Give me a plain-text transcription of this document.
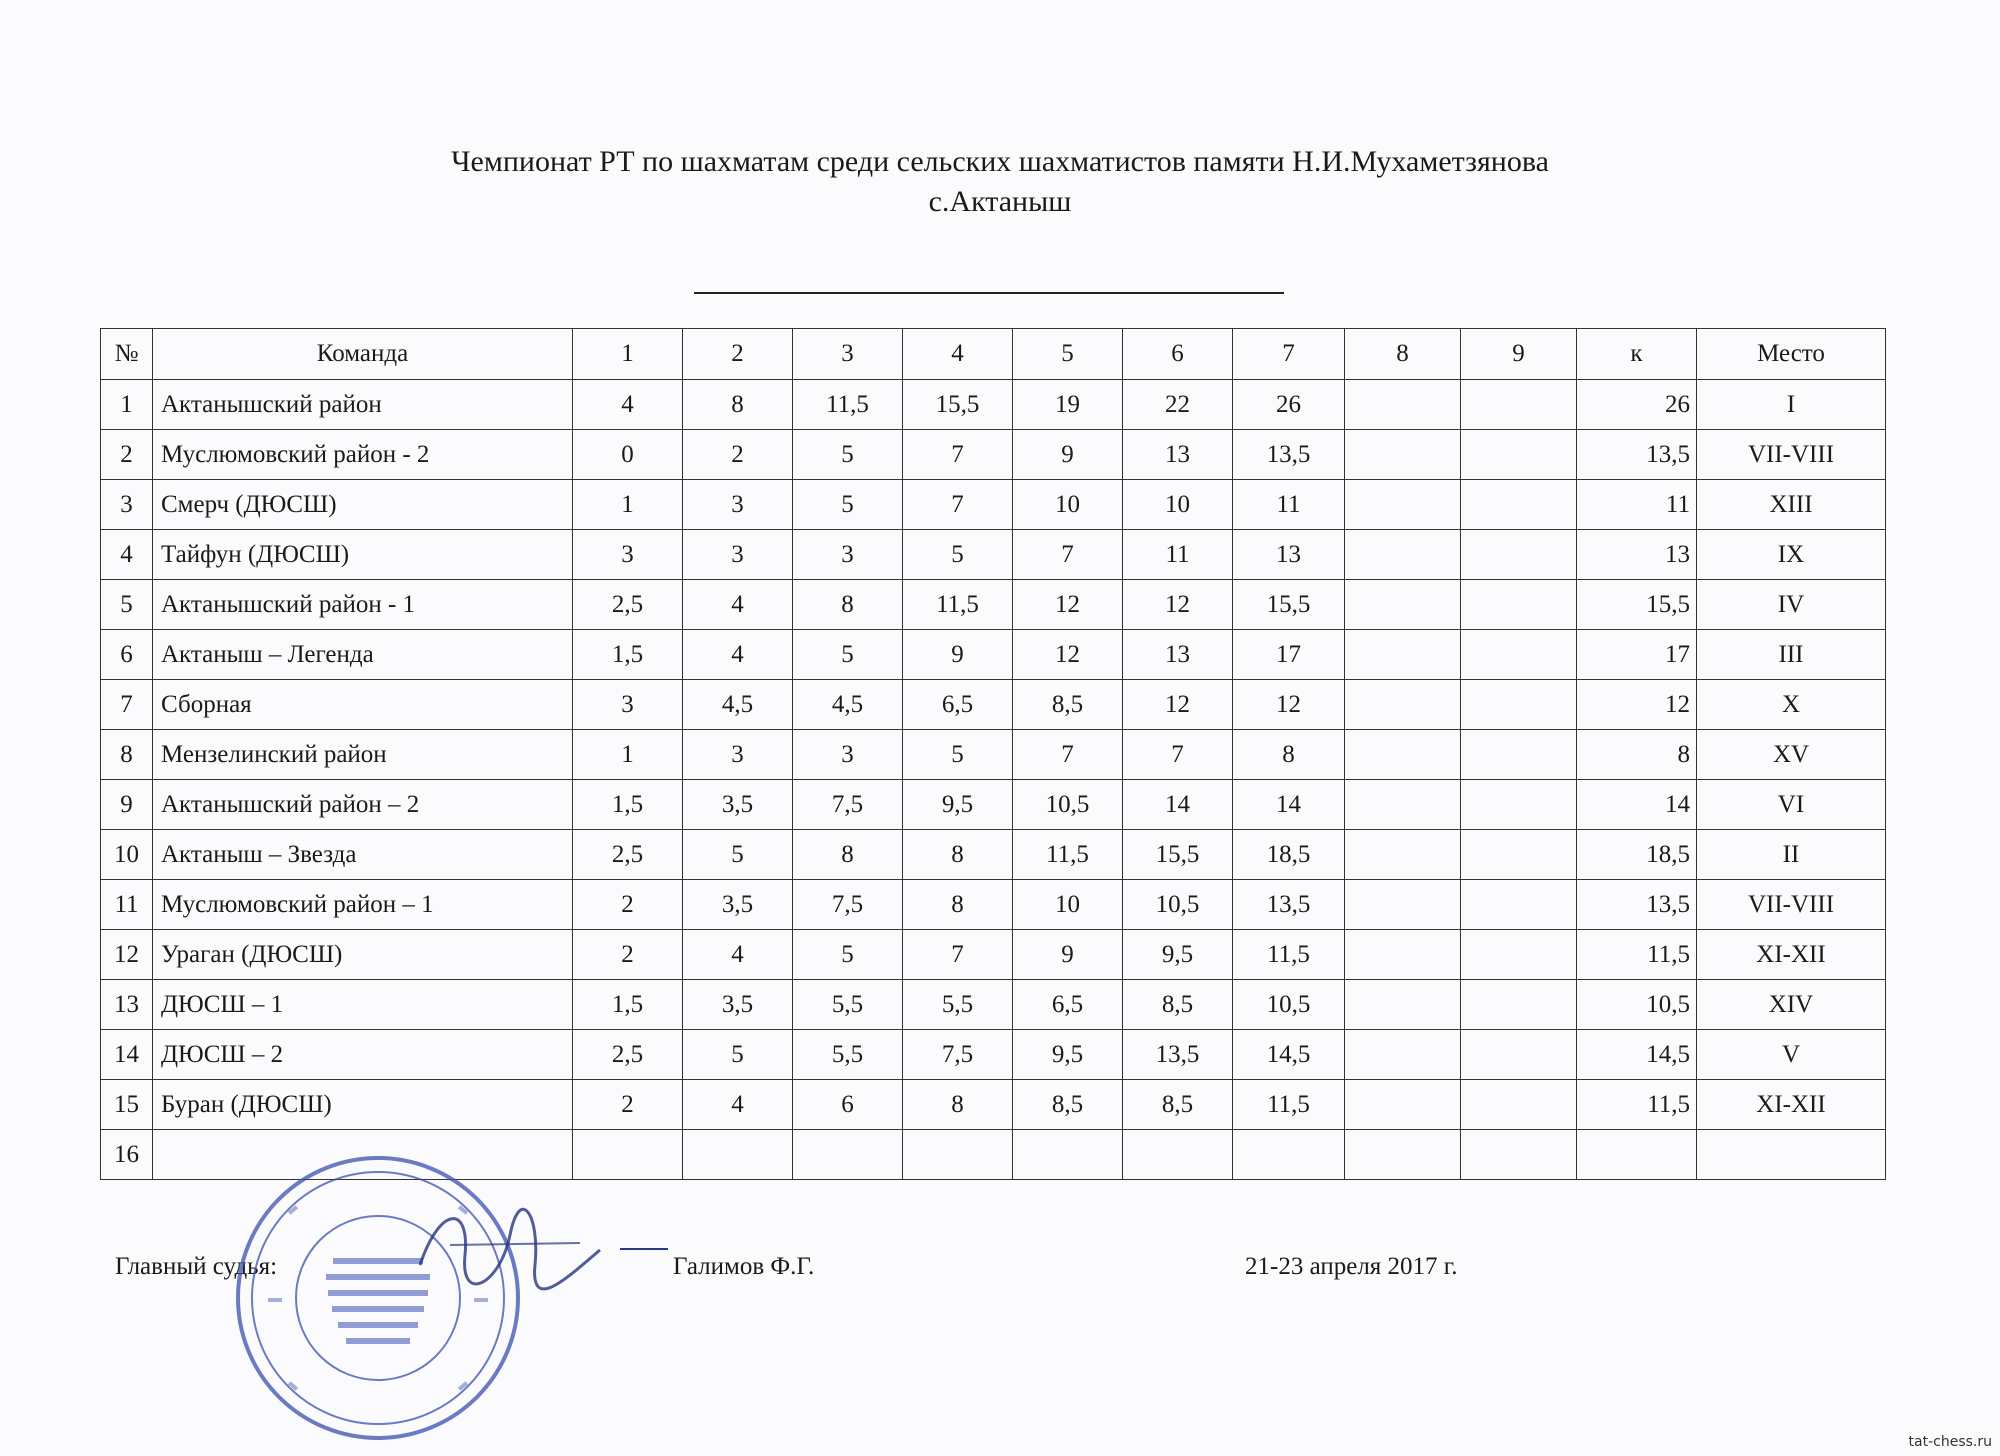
Чемпионат РТ по шахматам среди сельских шахматистов памяти Н.И.Мухаметзянова
с.Актаныш
№	Команда	1	2	3	4	5	6	7	8	9	к	Место
1	Актанышский район	4	8	11,5	15,5	19	22	26			26	I
2	Муслюмовский район - 2	0	2	5	7	9	13	13,5			13,5	VII-VIII
3	Смерч (ДЮСШ)	1	3	5	7	10	10	11			11	XIII
4	Тайфун (ДЮСШ)	3	3	3	5	7	11	13			13	IX
5	Актанышский район - 1	2,5	4	8	11,5	12	12	15,5			15,5	IV
6	Актаныш – Легенда	1,5	4	5	9	12	13	17			17	III
7	Сборная	3	4,5	4,5	6,5	8,5	12	12			12	X
8	Мензелинский район	1	3	3	5	7	7	8			8	XV
9	Актанышский район – 2	1,5	3,5	7,5	9,5	10,5	14	14			14	VI
10	Актаныш – Звезда	2,5	5	8	8	11,5	15,5	18,5			18,5	II
11	Муслюмовский район – 1	2	3,5	7,5	8	10	10,5	13,5			13,5	VII-VIII
12	Ураган (ДЮСШ)	2	4	5	7	9	9,5	11,5			11,5	XI-XII
13	ДЮСШ – 1	1,5	3,5	5,5	5,5	6,5	8,5	10,5			10,5	XIV
14	ДЮСШ – 2	2,5	5	5,5	7,5	9,5	13,5	14,5			14,5	V
15	Буран (ДЮСШ)	2	4	6	8	8,5	8,5	11,5			11,5	XI-XII
16												
Главный судья:	Галимов Ф.Г.	21-23 апреля 2017 г.
tat-chess.ru
